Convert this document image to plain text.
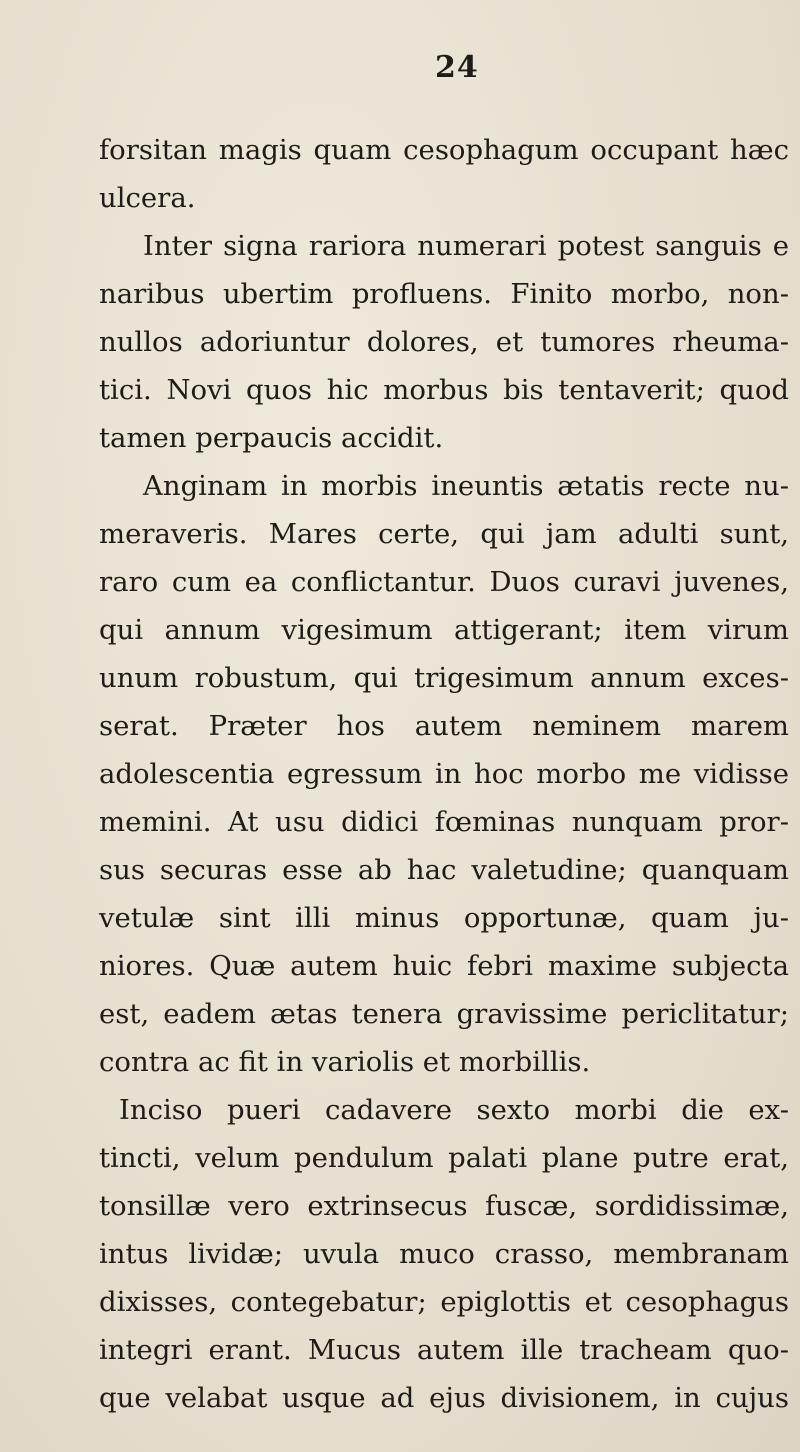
24

forsitan magis quam cesophagum occupant hæc
ulcera.
Inter signa rariora numerari potest sanguis e
naribus ubertim profluens. Finito morbo, non-
nullos adoriuntur dolores, et tumores rheuma-
tici. Novi quos hic morbus bis tentaverit; quod
tamen perpaucis accidit.
Anginam in morbis ineuntis ætatis recte nu-
meraveris. Mares certe, qui jam adulti sunt,
raro cum ea conflictantur. Duos curavi juvenes,
qui annum vigesimum attigerant; item virum
unum robustum, qui trigesimum annum exces-
serat. Præter hos autem neminem marem
adolescentia egressum in hoc morbo me vidisse
memini. At usu didici fœminas nunquam pror-
sus securas esse ab hac valetudine; quanquam
vetulæ sint illi minus opportunæ, quam ju-
niores. Quæ autem huic febri maxime subjecta
est, eadem ætas tenera gravissime periclitatur;
contra ac fit in variolis et morbillis.
Inciso pueri cadavere sexto morbi die ex-
tincti, velum pendulum palati plane putre erat,
tonsillæ vero extrinsecus fuscæ, sordidissimæ,
intus lividæ; uvula muco crasso, membranam
dixisses, contegebatur; epiglottis et cesophagus
integri erant. Mucus autem ille tracheam quo-
que velabat usque ad ejus divisionem, in cujus
